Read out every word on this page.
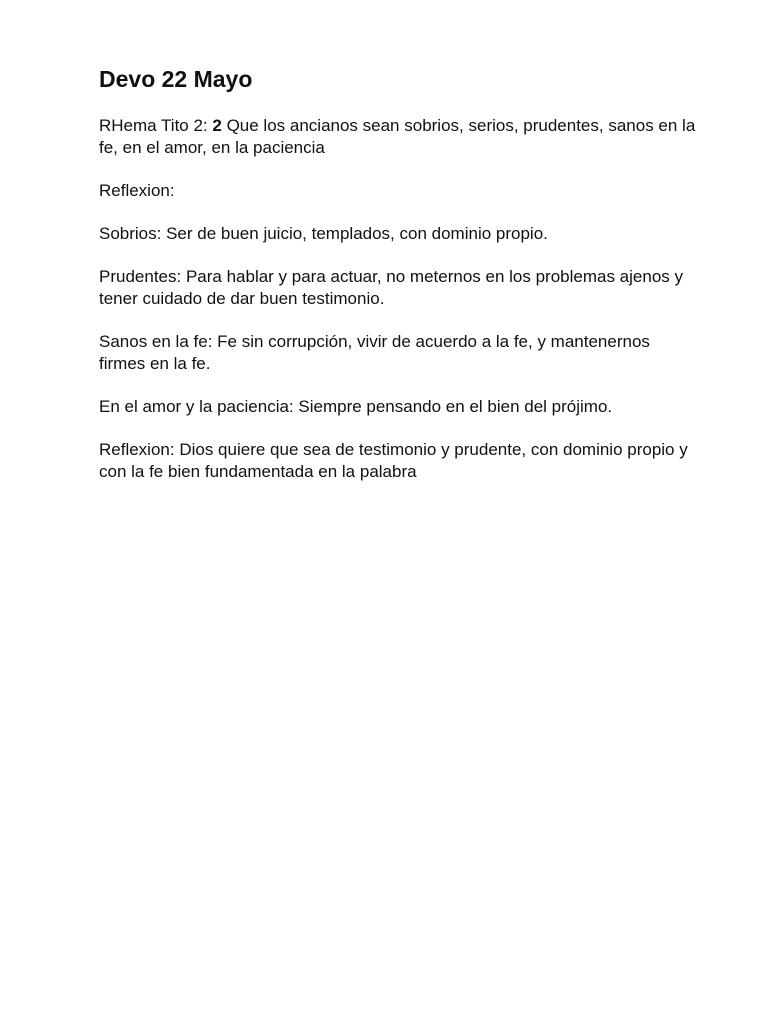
Devo 22 Mayo

RHema Tito 2: 2 Que los ancianos sean sobrios, serios, prudentes, sanos en la fe, en el amor, en la paciencia

Reflexion:

Sobrios: Ser de buen juicio, templados, con dominio propio.

Prudentes: Para hablar y para actuar, no meternos en los problemas ajenos y tener cuidado de dar buen testimonio.

Sanos en la fe: Fe sin corrupción, vivir de acuerdo a la fe, y mantenernos firmes en la fe.

En el amor y la paciencia: Siempre pensando en el bien del prójimo.

Reflexion: Dios quiere que sea de testimonio y prudente, con dominio propio y con la fe bien fundamentada en la palabra
